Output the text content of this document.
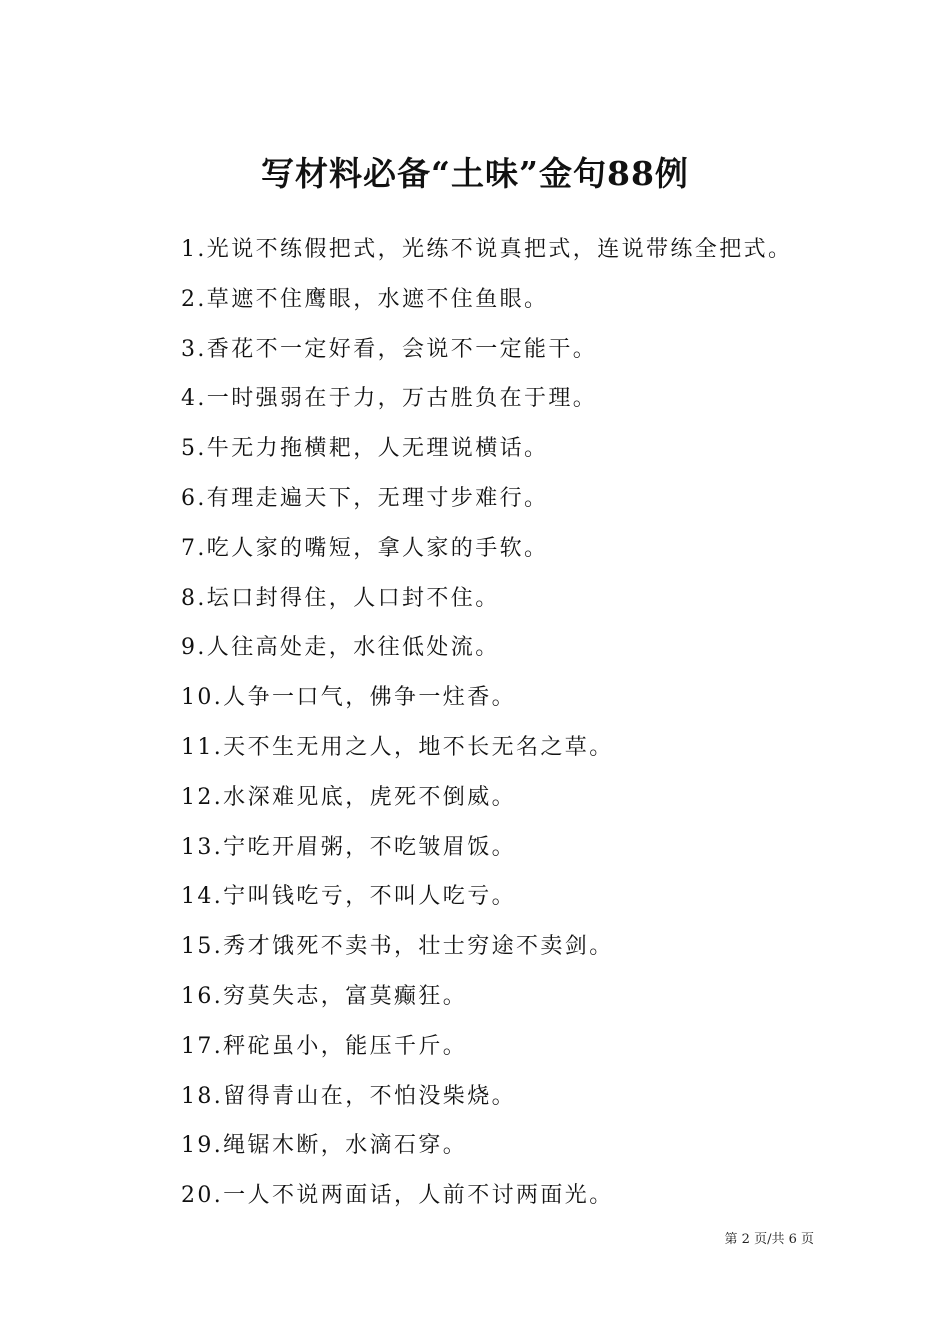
写材料必备“土味”金句88例
1.光说不练假把式，光练不说真把式，连说带练全把式。
2.草遮不住鹰眼，水遮不住鱼眼。
3.香花不一定好看，会说不一定能干。
4.一时强弱在于力，万古胜负在于理。
5.牛无力拖横耙，人无理说横话。
6.有理走遍天下，无理寸步难行。
7.吃人家的嘴短，拿人家的手软。
8.坛口封得住，人口封不住。
9.人往高处走，水往低处流。
10.人争一口气，佛争一炷香。
11.天不生无用之人，地不长无名之草。
12.水深难见底，虎死不倒威。
13.宁吃开眉粥，不吃皱眉饭。
14.宁叫钱吃亏，不叫人吃亏。
15.秀才饿死不卖书，壮士穷途不卖剑。
16.穷莫失志，富莫癫狂。
17.秤砣虽小，能压千斤。
18.留得青山在，不怕没柴烧。
19.绳锯木断，水滴石穿。
20.一人不说两面话，人前不讨两面光。
第 2 页/共 6 页
